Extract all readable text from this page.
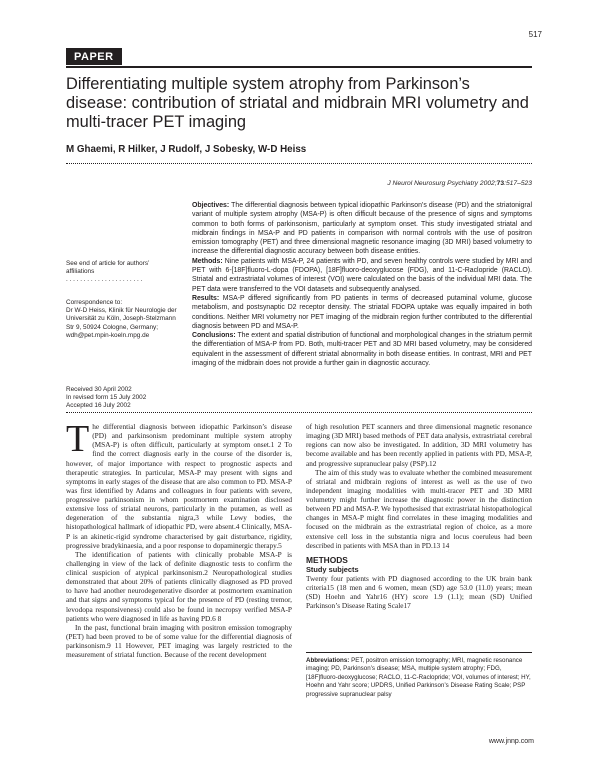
517
PAPER
Differentiating multiple system atrophy from Parkinson’s disease: contribution of striatal and midbrain MRI volumetry and multi-tracer PET imaging
M Ghaemi, R Hilker, J Rudolf, J Sobesky, W-D Heiss
J Neurol Neurosurg Psychiatry 2002;73:517–523

Objectives: The differential diagnosis between typical idiopathic Parkinson’s disease (PD) and the striatonigral variant of multiple system atrophy (MSA-P) is often difficult because of the presence of signs and symptoms common to both forms of parkinsonism, particularly at symptom onset. This study investigated striatal and midbrain findings in MSA-P and PD patients in comparison with normal controls with the use of positron emission tomography (PET) and three dimensional magnetic resonance imaging (3D MRI) based volumetry to increase the differential diagnostic accuracy between both disease entities.

Methods: Nine patients with MSA-P, 24 patients with PD, and seven healthy controls were studied by MRI and PET with 6-[18F]fluoro-L-dopa (FDOPA), [18F]fluoro-deoxyglucose (FDG), and 11-C-Raclopride (RACLO). Striatal and extrastriatal volumes of interest (VOI) were calculated on the basis of the individual MRI data. The PET data were transferred to the VOI datasets and subsequently analysed.

Results: MSA-P differed significantly from PD patients in terms of decreased putaminal volume, glucose metabolism, and postsynaptic D2 receptor density. The striatal FDOPA uptake was equally impaired in both conditions. Neither MRI volumetry nor PET imaging of the midbrain region further contributed to the differential diagnosis between PD and MSA-P.

Conclusions: The extent and spatial distribution of functional and morphological changes in the striatum permit the differentiation of MSA-P from PD. Both, multi-tracer PET and 3D MRI based volumetry, may be considered equivalent in the assessment of different striatal abnormality in both disease entities. In contrast, MRI and PET imaging of the midbrain does not provide a further gain in diagnostic accuracy.

See end of article for authors’ affiliations

. . . . . . . . . . . . . . . . . . . . . .

Correspondence to:

Dr W-D Heiss, Klinik für Neurologie der Universität zu Köln, Joseph-Stelzmann Str 9, 50924 Cologne, Germany; wdh@pet.mpin-koeln.mpg.de

Received 30 April 2002

In revised form 15 July 2002

Accepted 16 July 2002

The differential diagnosis between idiopathic Parkinson’s disease (PD) and parkinsonism predominant multiple system atrophy (MSA-P) is often difficult, particularly at symptom onset.1 2 To find the correct diagnosis early in the course of the disorder is, however, of major importance with respect to prognostic aspects and therapeutic strategies. In particular, MSA-P may present with signs and symptoms in early stages of the disease that are also common to PD. MSA-P was first identified by Adams and colleagues in four patients with severe, progressive parkinsonism in whom postmortem examination disclosed extensive loss of striatal neurons, particularly in the putamen, as well as degeneration of the substantia nigra,3 while Lewy bodies, the histopathological hallmark of idiopathic PD, were absent.4 Clinically, MSA-P is an akinetic-rigid syndrome characterised by gait disturbance, rigidity, progressive bradykinaesia, and a poor response to dopaminergic therapy.5

The identification of patients with clinically probable MSA-P is challenging in view of the lack of definite diagnostic tests to confirm the clinical suspicion of atypical parkinsonism.2 Neuropathological studies demonstrated that about 20% of patients clinically diagnosed as PD proved to have had another neurodegenerative disorder at postmortem examination and that signs and symptoms typical for the presence of PD (resting tremor, levodopa responsiveness) could also be found in necropsy verified MSA-P patients who were diagnosed in life as having PD.6 8

In the past, functional brain imaging with positron emission tomography (PET) had been proved to be of some value for the differential diagnosis of parkinsonism.9 11 However, PET imaging was largely restricted to the measurement of striatal function. Because of the recent development

of high resolution PET scanners and three dimensional magnetic resonance imaging (3D MRI) based methods of PET data analysis, extrastriatal cerebral regions can now also be investigated. In addition, 3D MRI volumetry has become available and has been recently applied in patients with PD, MSA-P, and progressive supranuclear palsy (PSP).12

The aim of this study was to evaluate whether the combined measurement of striatal and midbrain regions of interest as well as the use of two independent imaging modalities with multi-tracer PET and 3D MRI volumetry might further increase the diagnostic power in the distinction between PD and MSA-P. We hypothesised that extrastriatal histopathological changes in MSA-P might find correlates in these imaging modalities and focused on the midbrain as the extrastriatal region of choice, as a more extensive cell loss in the substantia nigra and locus coeruleus had been described in patients with MSA than in PD.13 14

METHODS
Study subjects

Twenty four patients with PD diagnosed according to the UK brain bank criteria15 (18 men and 6 women, mean (SD) age 53.0 (11.0) years; mean (SD) Hoehn and Yahr16 (HY) score 1.9 (1.1); mean (SD) Unified Parkinson’s Disease Rating Scale17

Abbreviations: PET, positron emission tomography; MRI, magnetic resonance imaging; PD, Parkinson’s disease; MSA, multiple system atrophy; FDG, [18F]fluoro-deoxyglucose; RACLO, 11-C-Raclopride; VOI, volumes of interest; HY, Hoehn and Yahr score; UPDRS, Unified Parkinson’s Disease Rating Scale; PSP progressive supranuclear palsy
www.jnnp.com
